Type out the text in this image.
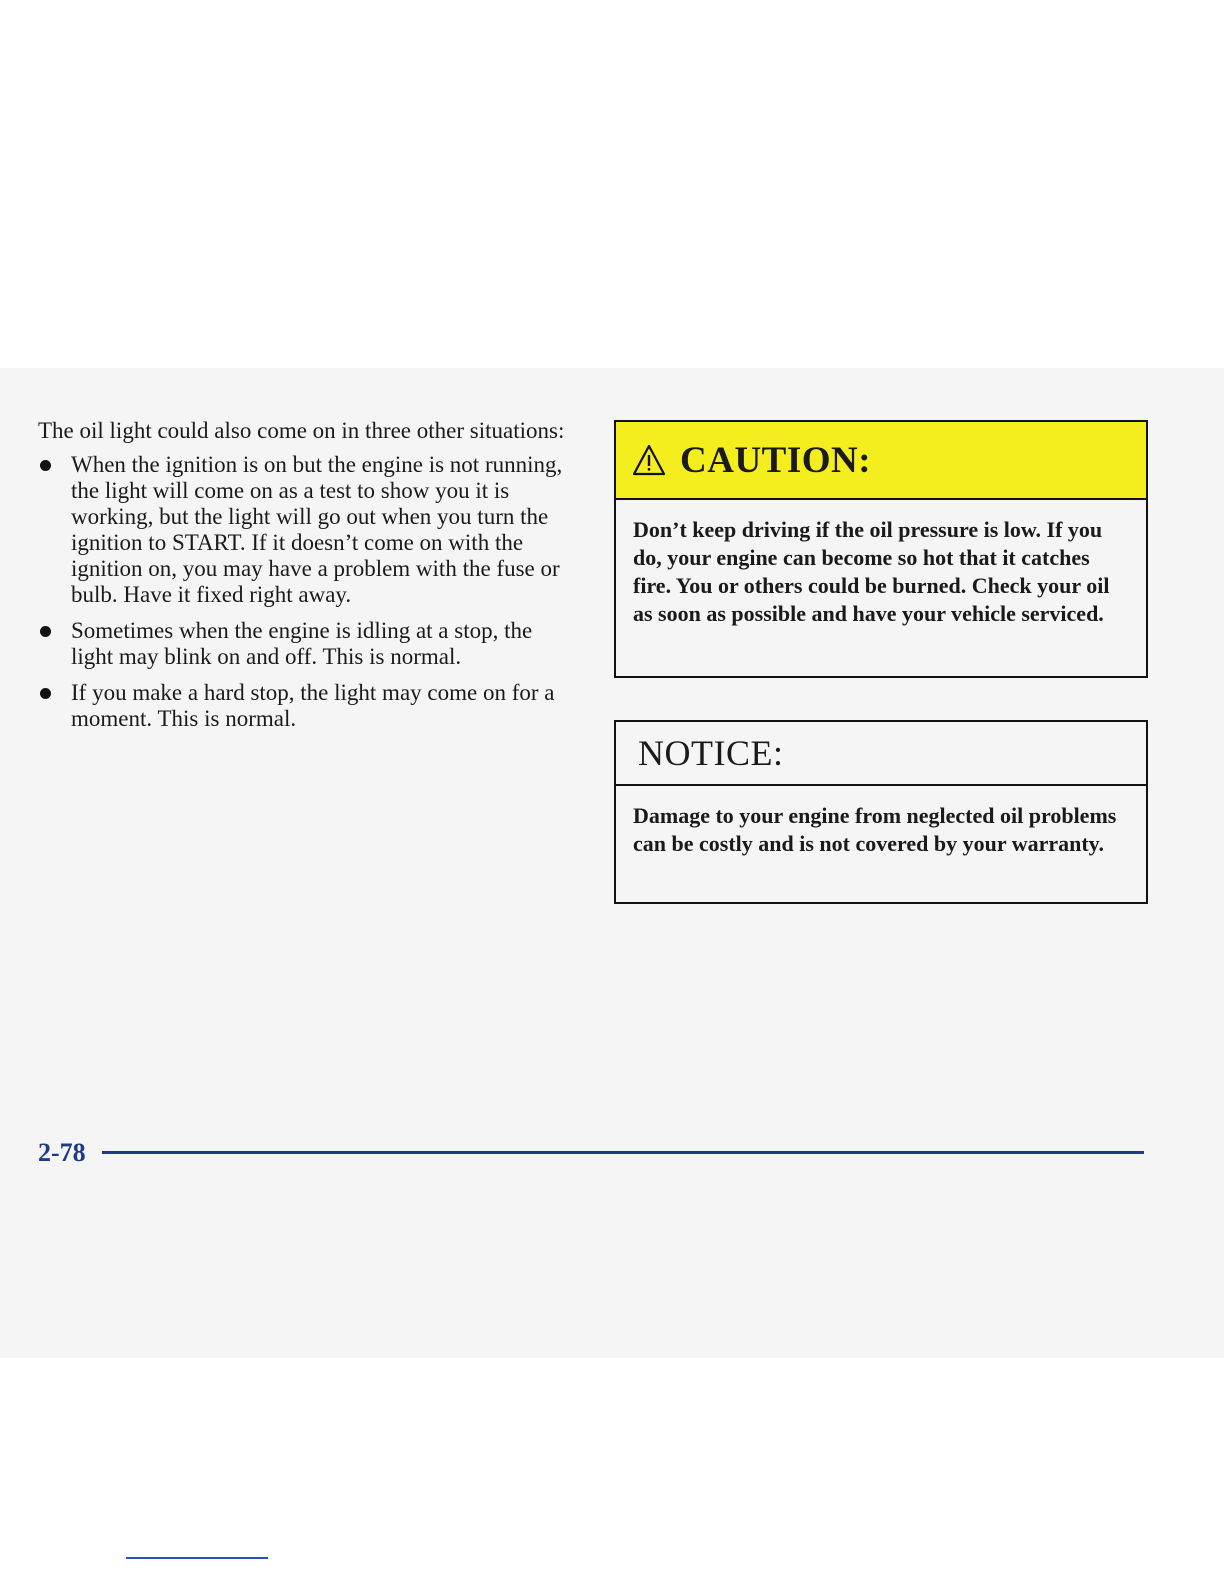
The oil light could also come on in three other situations:

When the ignition is on but the engine is not running, the light will come on as a test to show you it is working, but the light will go out when you turn the ignition to START. If it doesn’t come on with the ignition on, you may have a problem with the fuse or bulb. Have it fixed right away.
Sometimes when the engine is idling at a stop, the light may blink on and off. This is normal.
If you make a hard stop, the light may come on for a moment. This is normal.
CAUTION:

Don’t keep driving if the oil pressure is low. If you do, your engine can become so hot that it catches fire. You or others could be burned. Check your oil as soon as possible and have your vehicle serviced.

NOTICE:

Damage to your engine from neglected oil problems can be costly and is not covered by your warranty.

2-78
